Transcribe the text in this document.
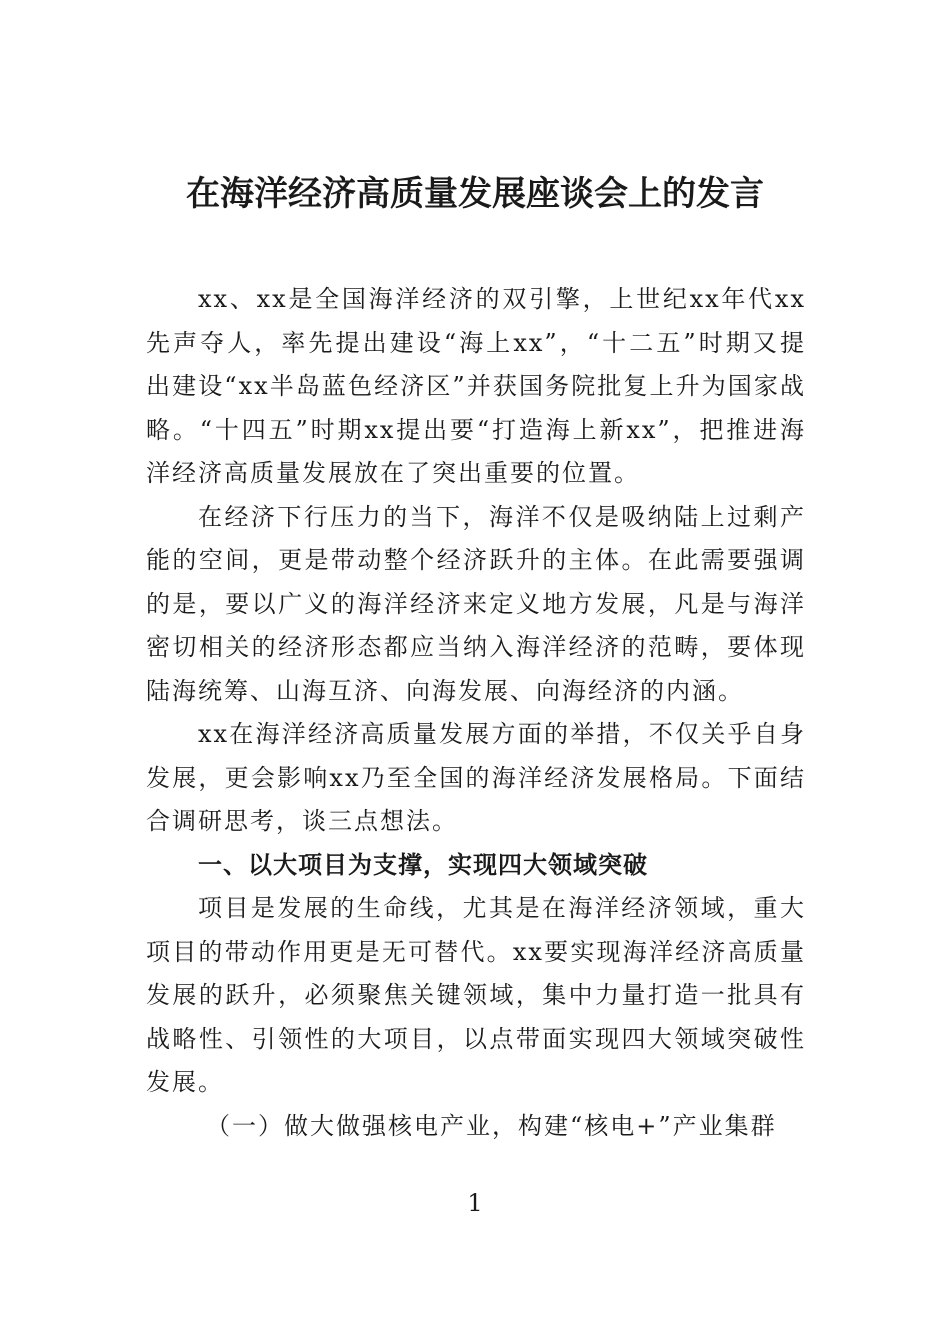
在海洋经济高质量发展座谈会上的发言

xx、xx是全国海洋经济的双引擎，上世纪xx年代xx先声夺人，率先提出建设“海上xx”，“十二五”时期又提出建设“xx半岛蓝色经济区”并获国务院批复上升为国家战略。“十四五”时期xx提出要“打造海上新xx”，把推进海洋经济高质量发展放在了突出重要的位置。

在经济下行压力的当下，海洋不仅是吸纳陆上过剩产能的空间，更是带动整个经济跃升的主体。在此需要强调的是，要以广义的海洋经济来定义地方发展，凡是与海洋密切相关的经济形态都应当纳入海洋经济的范畴，要体现陆海统筹、山海互济、向海发展、向海经济的内涵。

xx在海洋经济高质量发展方面的举措，不仅关乎自身发展，更会影响xx乃至全国的海洋经济发展格局。下面结合调研思考，谈三点想法。

一、以大项目为支撑，实现四大领域突破

项目是发展的生命线，尤其是在海洋经济领域，重大项目的带动作用更是无可替代。xx要实现海洋经济高质量发展的跃升，必须聚焦关键领域，集中力量打造一批具有战略性、引领性的大项目，以点带面实现四大领域突破性发展。

（一）做大做强核电产业，构建“核电+”产业集群

1
